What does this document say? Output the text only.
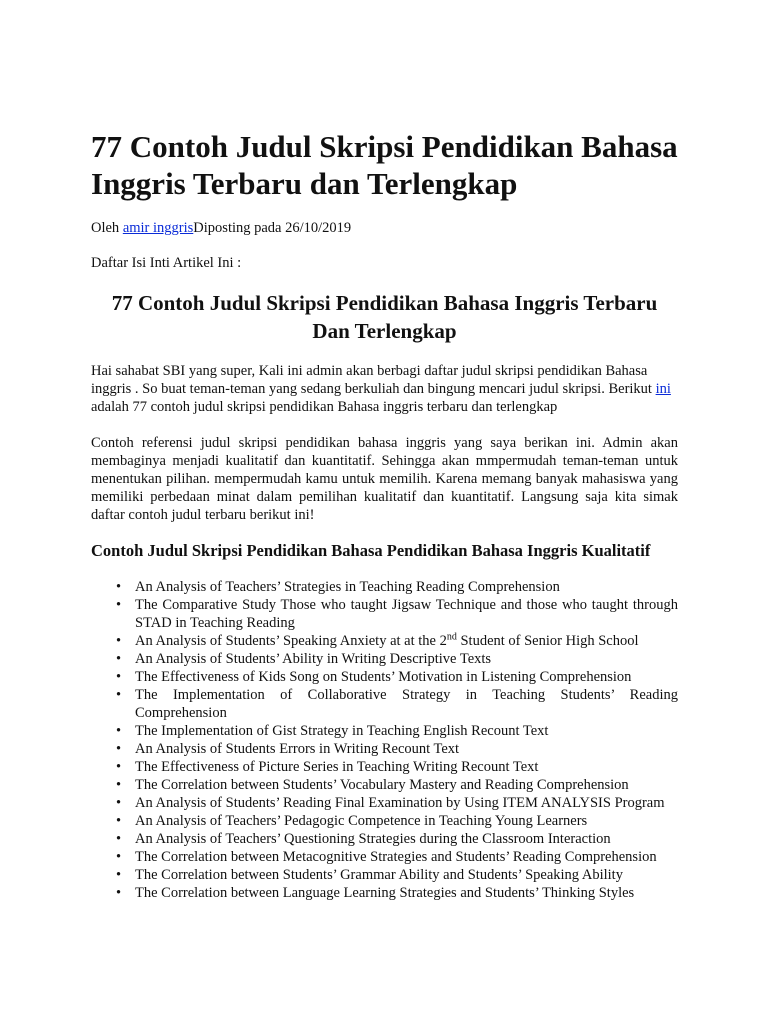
77 Contoh Judul Skripsi Pendidikan Bahasa Inggris Terbaru dan Terlengkap

Oleh amir inggrisDiposting pada 26/10/2019

Daftar Isi Inti Artikel Ini :

77 Contoh Judul Skripsi Pendidikan Bahasa Inggris Terbaru Dan Terlengkap

Hai sahabat SBI yang super, Kali ini admin akan berbagi daftar judul skripsi pendidikan Bahasa inggris . So buat teman-teman yang sedang berkuliah dan bingung mencari judul skripsi. Berikut ini adalah 77 contoh judul skripsi pendidikan Bahasa inggris terbaru dan terlengkap

Contoh referensi judul skripsi pendidikan bahasa inggris yang saya berikan ini. Admin akan membaginya menjadi kualitatif dan kuantitatif. Sehingga akan mmpermudah teman-teman untuk menentukan pilihan. mempermudah kamu untuk memilih. Karena memang banyak mahasiswa yang memiliki perbedaan minat dalam pemilihan kualitatif dan kuantitatif. Langsung saja kita simak daftar contoh judul terbaru berikut ini!

Contoh Judul Skripsi Pendidikan Bahasa Pendidikan Bahasa Inggris Kualitatif
• An Analysis of Teachers’ Strategies in Teaching Reading Comprehension
• The Comparative Study Those who taught Jigsaw Technique and those who taught through STAD in Teaching Reading
• An Analysis of Students’ Speaking Anxiety at at the 2nd Student of Senior High School
• An Analysis of Students’ Ability in Writing Descriptive Texts
• The Effectiveness of Kids Song on Students’ Motivation in Listening Comprehension
• The Implementation of Collaborative Strategy in Teaching Students’ Reading Comprehension
• The Implementation of Gist Strategy in Teaching English Recount Text
• An Analysis of Students Errors in Writing Recount Text
• The Effectiveness of Picture Series in Teaching Writing Recount Text
• The Correlation between Students’ Vocabulary Mastery and Reading Comprehension
• An Analysis of Students’ Reading Final Examination by Using ITEM ANALYSIS Program
• An Analysis of Teachers’ Pedagogic Competence in Teaching Young Learners
• An Analysis of Teachers’ Questioning Strategies during the Classroom Interaction
• The Correlation between Metacognitive Strategies and Students’ Reading Comprehension
• The Correlation between Students’ Grammar Ability and Students’ Speaking Ability
• The Correlation between Language Learning Strategies and Students’ Thinking Styles
